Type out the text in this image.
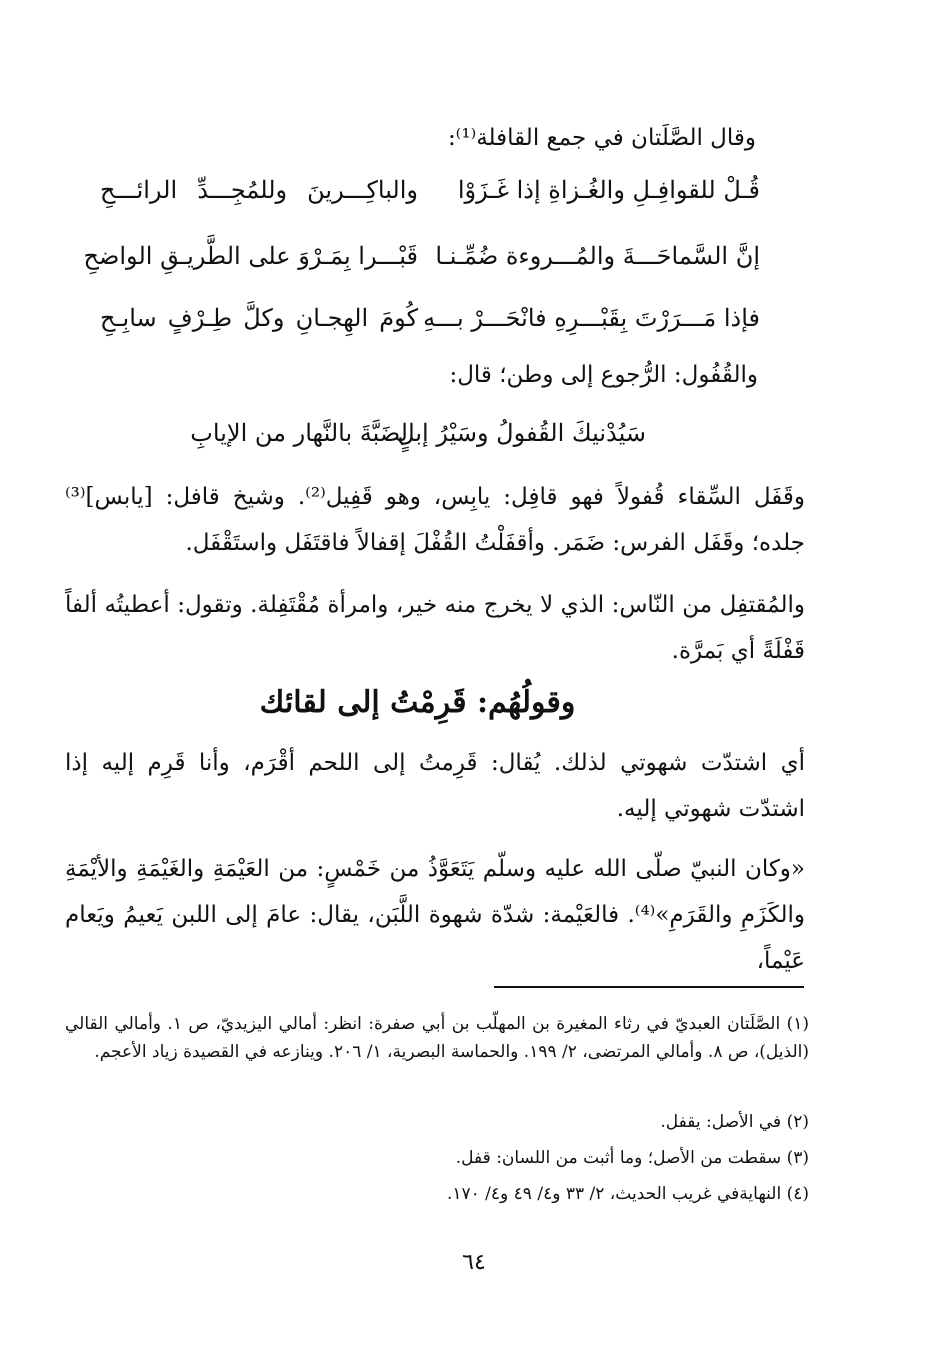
وقال الصَّلَتان في جمع القافلة⁽¹⁾:
قُـلْ للقوافِـلِ والغُـزاةِ إذا غَـزَوْا
والباكِـــرينَ وللمُجِـــدِّ الرائـــحِ
إنَّ السَّماحَـــةَ والمُـــروءة ضُمِّـنـا
قَبْـــرا بِمَـرْوَ على الطَّريـقِ الواضحِ
فإذا مَـــرَرْتَ بِقَبْـــرِهِ فانْحَـــرْ بـــهِ
كُومَ الهِجـانِ وكلَّ طِـرْفٍ سابِـحِ
والقُفُول: الرُّجوع إلى وطن؛ قال:
سَيُدْنيكَ القُفولُ وسَيْرُ إبلٍ
لِضَبَّةَ بالنَّهار من الإيابِ
وقَفَل السِّقاء قُفولاً فهو قافِل: يابِس، وهو قَفِيل⁽²⁾. وشيخ قافل: [يابس]⁽³⁾ جلده؛ وقَفَل الفرس: ضَمَر. وأقفَلْتُ القُفْلَ إقفالاً فاقتَفَل واستَقْفَل.
والمُقتفِل من النّاس: الذي لا يخرج منه خير، وامرأة مُقْتَفِلة. وتقول: أعطيتُه ألفاً قَفْلَةً أي بَمرَّة.
وقولُهُم: قَرِمْتُ إلى لقائك
أي اشتدّت شهوتي لذلك. يُقال: قَرِمتُ إلى اللحم أقْرَم، وأنا قَرِم إليه إذا اشتدّت شهوتي إليه.
«وكان النبيّ صلّى الله عليه وسلّم يَتَعَوَّذُ من خَمْسٍ: من العَيْمَةِ والغَيْمَةِ والأيْمَةِ والكَزَمِ والقَرَمِ»⁽⁴⁾. فالعَيْمة: شدّة شهوة اللَّبَن، يقال: عامَ إلى اللبن يَعيمُ ويَعام عَيْماً،
(١) الصَّلَتان العبديّ في رثاء المغيرة بن المهلّب بن أبي صفرة: انظر: أمالي اليزيديّ، ص ١. وأمالي القالي (الذيل)، ص ٨. وأمالي المرتضى، ٢/ ١٩٩. والحماسة البصرية، ١/ ٢٠٦. وينازعه في القصيدة زياد الأعجم.
(٢) في الأصل: يقفل.
(٣) سقطت من الأصل؛ وما أثبت من اللسان: قفل.
(٤) النهايةفي غريب الحديث، ٢/ ٣٣ و٤/ ٤٩ و٤/ ١٧٠.
٦٤
